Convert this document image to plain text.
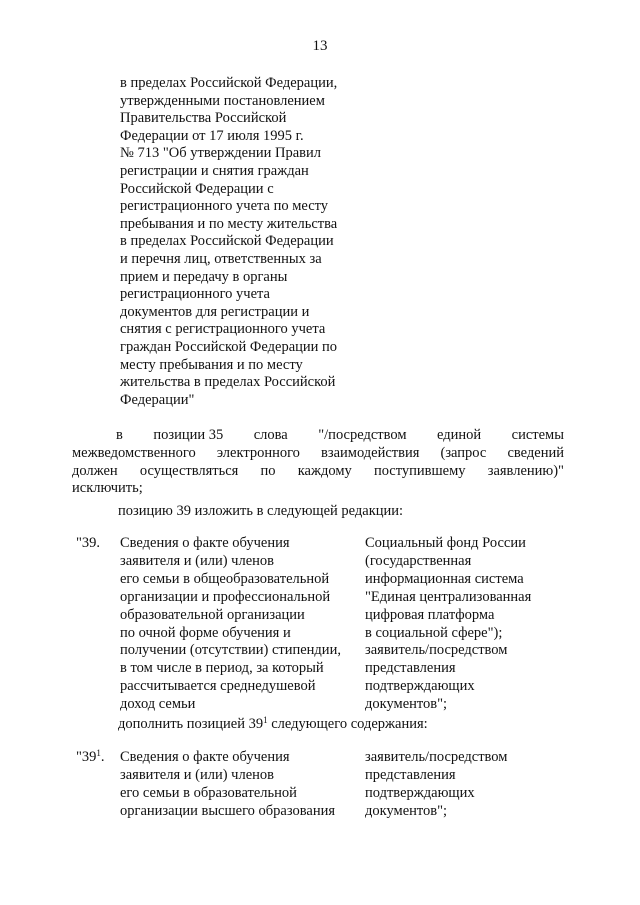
13
в пределах Российской Федерации,
утвержденными постановлением
Правительства Российской
Федерации от 17 июля 1995 г.
№ 713 "Об утверждении Правил
регистрации и снятия граждан
Российской Федерации с
регистрационного учета по месту
пребывания и по месту жительства
в пределах Российской Федерации
и перечня лиц, ответственных за
прием и передачу в органы
регистрационного учета
документов для регистрации и
снятия с регистрационного учета
граждан Российской Федерации по
месту пребывания и по месту
жительства в пределах Российской
Федерации"
в позиции 35 слова "/посредством единой системы
межведомственного электронного взаимодействия (запрос сведений
должен осуществляться по каждому поступившему заявлению)"
исключить;
позицию 39 изложить в следующей редакции:
"39. Сведения о факте обучения
заявителя и (или) членов
его семьи в общеобразовательной
организации и профессиональной
образовательной организации
по очной форме обучения и
получении (отсутствии) стипендии,
в том числе в период, за который
рассчитывается среднедушевой
доход семьи
Социальный фонд России
(государственная
информационная система
"Единая централизованная
цифровая платформа
в социальной сфере");
заявитель/посредством
представления
подтверждающих
документов";
дополнить позицией $39^1$ следующего содержания:
"$39^1$. Сведения о факте обучения
заявителя и (или) членов
его семьи в образовательной
организации высшего образования
заявитель/посредством
представления
подтверждающих
документов";
